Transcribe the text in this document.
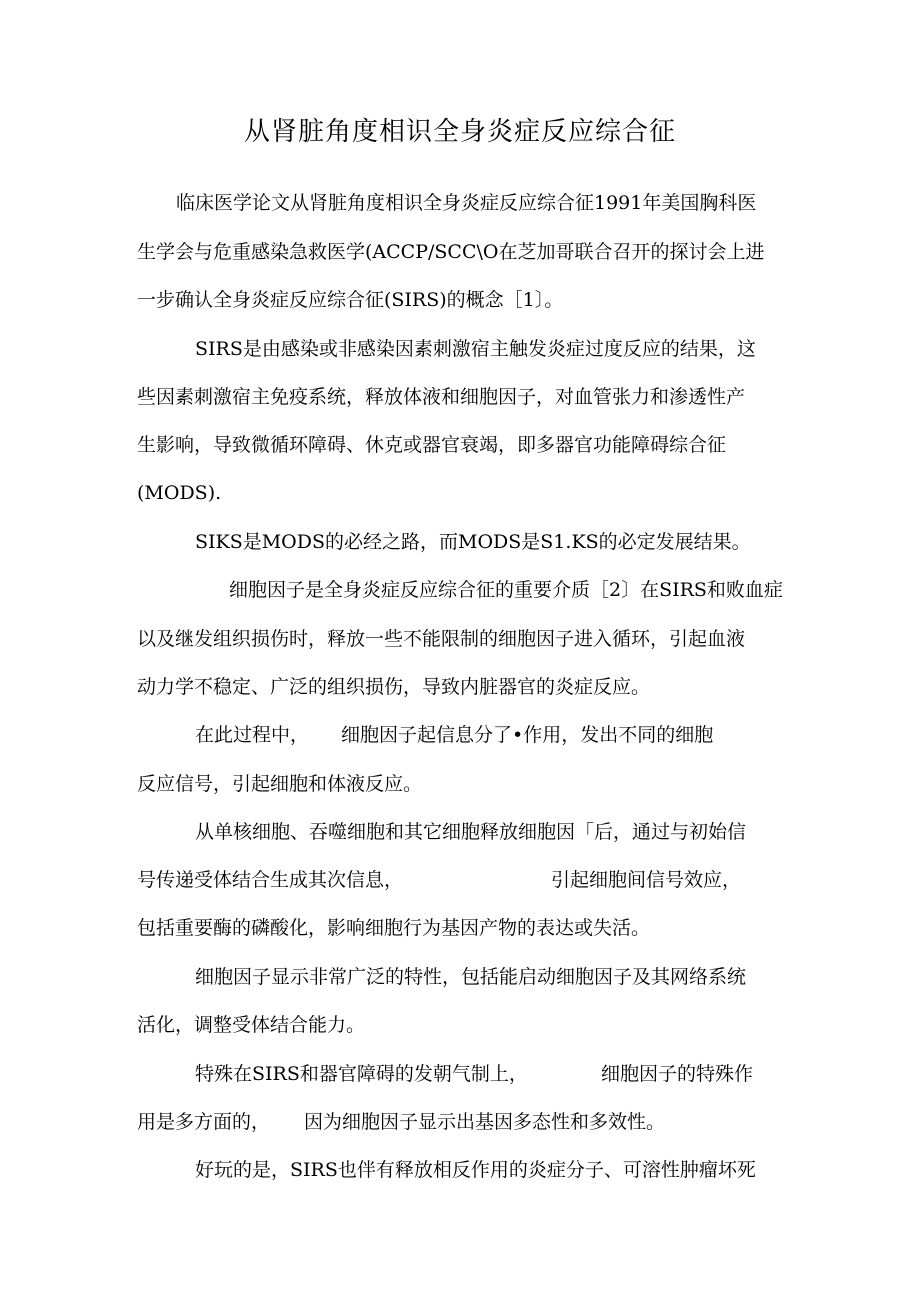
从肾脏角度相识全身炎症反应综合征
临床医学论文从肾脏角度相识全身炎症反应综合征1991年美国胸科医
生学会与危重感染急救医学(ACCP/SCC\O在芝加哥联合召开的探讨会上进
一步确认全身炎症反应综合征(SIRS)的概念［1〕。
SIRS是由感染或非感染因素刺激宿主触发炎症过度反应的结果，这
些因素刺激宿主免疫系统，释放体液和细胞因子，对血管张力和渗透性产
生影响，导致微循环障碍、休克或器官衰竭，即多器官功能障碍综合征
(MODS).
SIKS是MODS的必经之路，而MODS是S1.KS的必定发展结果。
细胞因子是全身炎症反应综合征的重要介质［2〕在SIRS和败血症
以及继发组织损伤时，释放一些不能限制的细胞因子进入循环，引起血液
动力学不稳定、广泛的组织损伤，导致内脏器官的炎症反应。
在此过程中， 细胞因子起信息分了•作用，发出不同的细胞
反应信号，引起细胞和体液反应。
从单核细胞、吞噬细胞和其它细胞释放细胞因「后，通过与初始信
号传递受体结合生成其次信息，	引起细胞间信号效应，
包括重要酶的磷酸化，影响细胞行为基因产物的表达或失活。
细胞因子显示非常广泛的特性，包括能启动细胞因子及其网络系统
活化，调整受体结合能力。
特殊在SIRS和器官障碍的发朝气制上，	细胞因子的特殊作
用是多方面的， 因为细胞因子显示出基因多态性和多效性。
好玩的是，SIRS也伴有释放相反作用的炎症分子、可溶性肿瘤坏死
